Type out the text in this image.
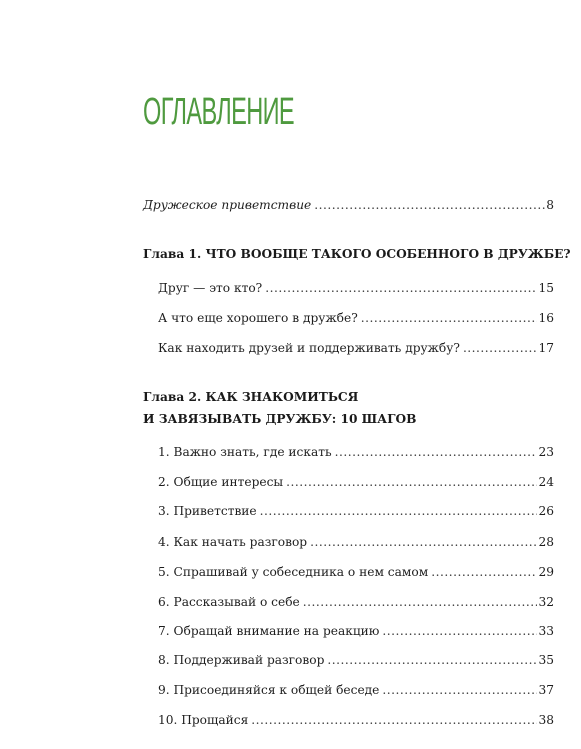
ОГЛАВЛЕНИЕ
Дружеское приветствие .....	8
Глава 1. ЧТО ВООБЩЕ ТАКОГО ОСОБЕННОГО В ДРУЖБЕ?
Друг — это кто? .....	15
А что еще хорошего в дружбе? .....	16
Как находить друзей и поддерживать дружбу? .....	17
Глава 2. КАК ЗНАКОМИТЬСЯ
И ЗАВЯЗЫВАТЬ ДРУЖБУ: 10 ШАГОВ
1. Важно знать, где искать .....	23
2. Общие интересы .....	24
3. Приветствие .....	26
4. Как начать разговор .....	28
5. Спрашивай у собеседника о нем самом .....	29
6. Рассказывай о себе .....	32
7. Обращай внимание на реакцию .....	33
8. Поддерживай разговор .....	35
9. Присоединяйся к общей беседе .....	37
10. Прощайся .....	38
